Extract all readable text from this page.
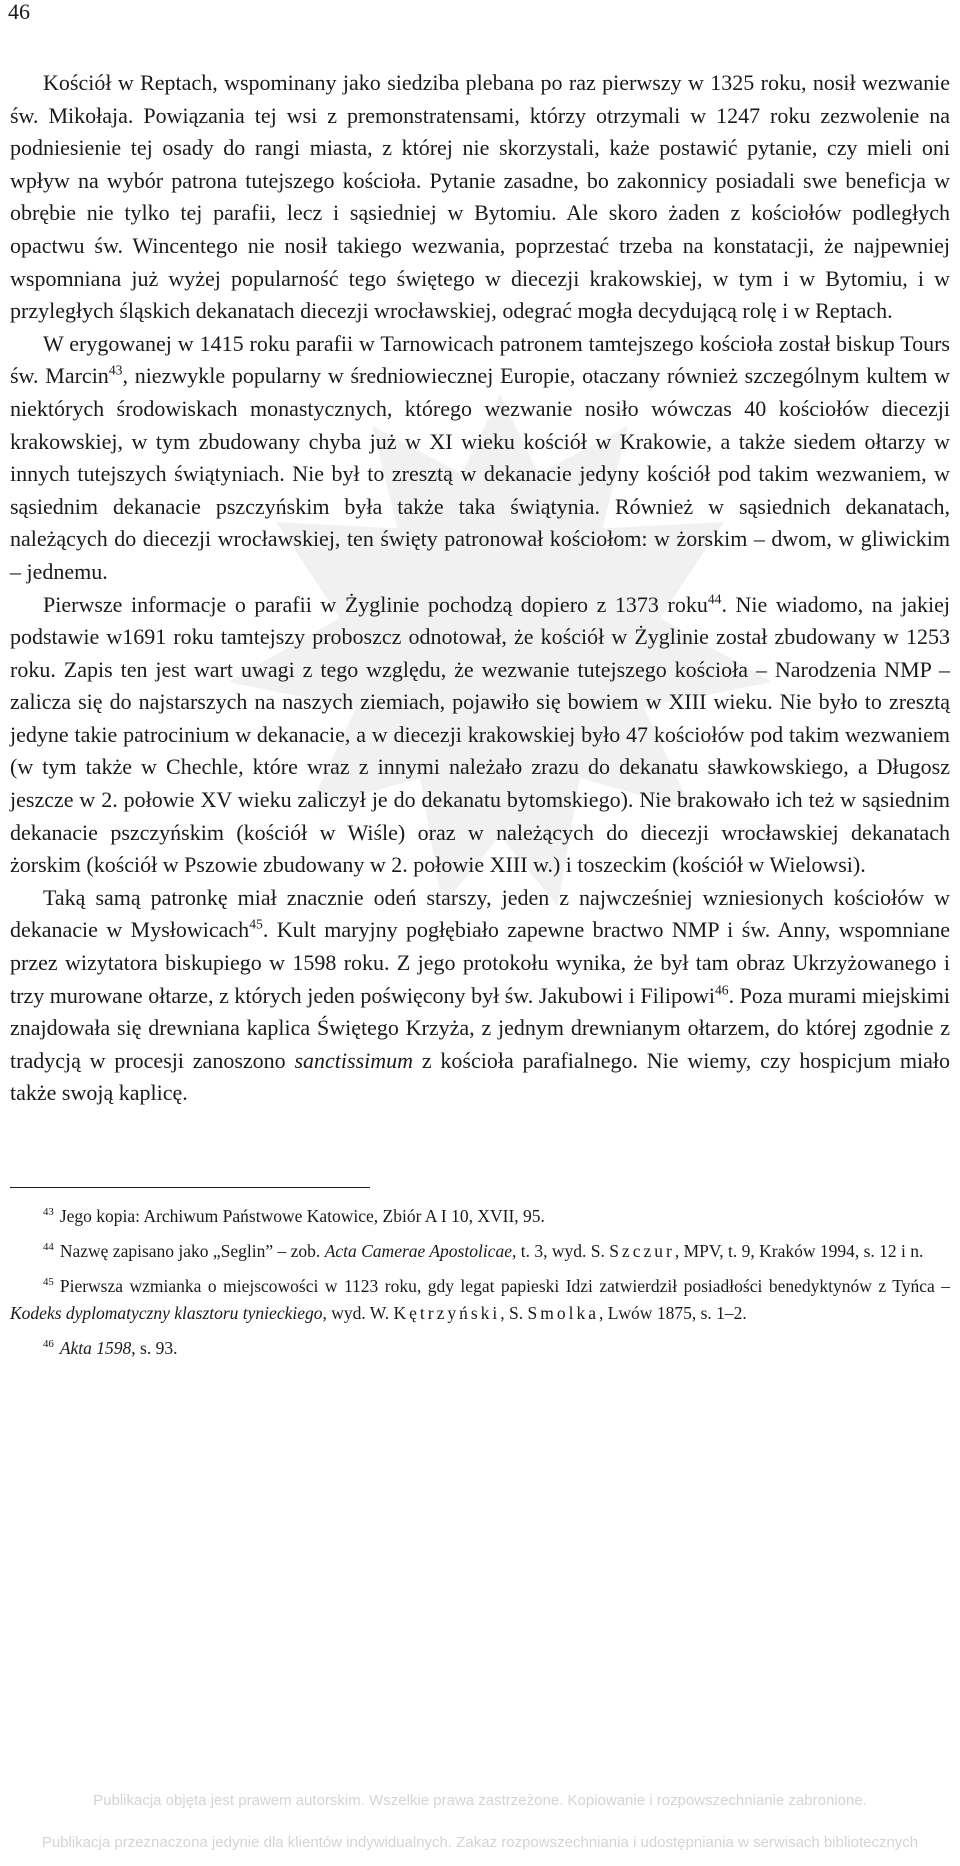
46

Kościół w Reptach, wspominany jako siedziba plebana po raz pierwszy w 1325 roku, nosił wezwanie św. Mikołaja. Powiązania tej wsi z premonstratensami, którzy otrzymali w 1247 roku zezwolenie na podniesienie tej osady do rangi miasta, z której nie skorzystali, każe postawić pytanie, czy mieli oni wpływ na wybór patrona tutejszego kościoła. Pytanie zasadne, bo zakonnicy posiadali swe beneficja w obrębie nie tylko tej parafii, lecz i sąsiedniej w Bytomiu. Ale skoro żaden z kościołów podległych opactwu św. Wincentego nie nosił takiego wezwania, poprzestać trzeba na konstatacji, że najpewniej wspomniana już wyżej popularność tego świętego w diecezji krakowskiej, w tym i w Bytomiu, i w przyległych śląskich dekanatach diecezji wrocławskiej, odegrać mogła decydującą rolę i w Reptach.

W erygowanej w 1415 roku parafii w Tarnowicach patronem tamtejszego kościoła został biskup Tours św. Marcin$^{43}$, niezwykle popularny w średniowiecznej Europie, otaczany również szczególnym kultem w niektórych środowiskach monastycznych, którego wezwanie nosiło wówczas 40 kościołów diecezji krakowskiej, w tym zbudowany chyba już w XI wieku kościół w Krakowie, a także siedem ołtarzy w innych tutejszych świątyniach. Nie był to zresztą w dekanacie jedyny kościół pod takim wezwaniem, w sąsiednim dekanacie pszczyńskim była także taka świątynia. Również w sąsiednich dekanatach, należących do diecezji wrocławskiej, ten święty patronował kościołom: w żorskim – dwom, w gliwickim – jednemu.

Pierwsze informacje o parafii w Żyglinie pochodzą dopiero z 1373 roku$^{44}$. Nie wiadomo, na jakiej podstawie w1691 roku tamtejszy proboszcz odnotował, że kościół w Żyglinie został zbudowany w 1253 roku. Zapis ten jest wart uwagi z tego względu, że wezwanie tutejszego kościoła – Narodzenia NMP – zalicza się do najstarszych na naszych ziemiach, pojawiło się bowiem w XIII wieku. Nie było to zresztą jedyne takie patrocinium w dekanacie, a w diecezji krakowskiej było 47 kościołów pod takim wezwaniem (w tym także w Chechle, które wraz z innymi należało zrazu do dekanatu sławkowskiego, a Długosz jeszcze w 2. połowie XV wieku zaliczył je do dekanatu bytomskiego). Nie brakowało ich też w sąsiednim dekanacie pszczyńskim (kościół w Wiśle) oraz w należących do diecezji wrocławskiej dekanatach żorskim (kościół w Pszowie zbudowany w 2. połowie XIII w.) i toszeckim (kościół w Wielowsi).

Taką samą patronkę miał znacznie odeń starszy, jeden z najwcześniej wzniesionych kościołów w dekanacie w Mysłowicach$^{45}$. Kult maryjny pogłębiało zapewne bractwo NMP i św. Anny, wspomniane przez wizytatora biskupiego w 1598 roku. Z jego protokołu wynika, że był tam obraz Ukrzyżowanego i trzy murowane ołtarze, z których jeden poświęcony był św. Jakubowi i Filipowi$^{46}$. Poza murami miejskimi znajdowała się drewniana kaplica Świętego Krzyża, z jednym drewnianym ołtarzem, do której zgodnie z tradycją w procesji zanoszono sanctissimum z kościoła parafialnego. Nie wiemy, czy hospicjum miało także swoją kaplicę.

$^{43}$ Jego kopia: Archiwum Państwowe Katowice, Zbiór A I 10, XVII, 95.

$^{44}$ Nazwę zapisano jako „Seglin” – zob. Acta Camerae Apostolicae, t. 3, wyd. S. Szczur, MPV, t. 9, Kraków 1994, s. 12 i n.

$^{45}$ Pierwsza wzmianka o miejscowości w 1123 roku, gdy legat papieski Idzi zatwierdził posiadłości benedyktynów z Tyńca – Kodeks dyplomatyczny klasztoru tynieckiego, wyd. W. Kętrzyński, S. Smolka, Lwów 1875, s. 1–2.

$^{46}$ Akta 1598, s. 93.

Publikacja objęta jest prawem autorskim. Wszelkie prawa zastrzeżone. Kopiowanie i rozpowszechnianie zabronione.
Publikacja przeznaczona jedynie dla klientów indywidualnych. Zakaz rozpowszechniania i udostępniania w serwisach bibliotecznych
